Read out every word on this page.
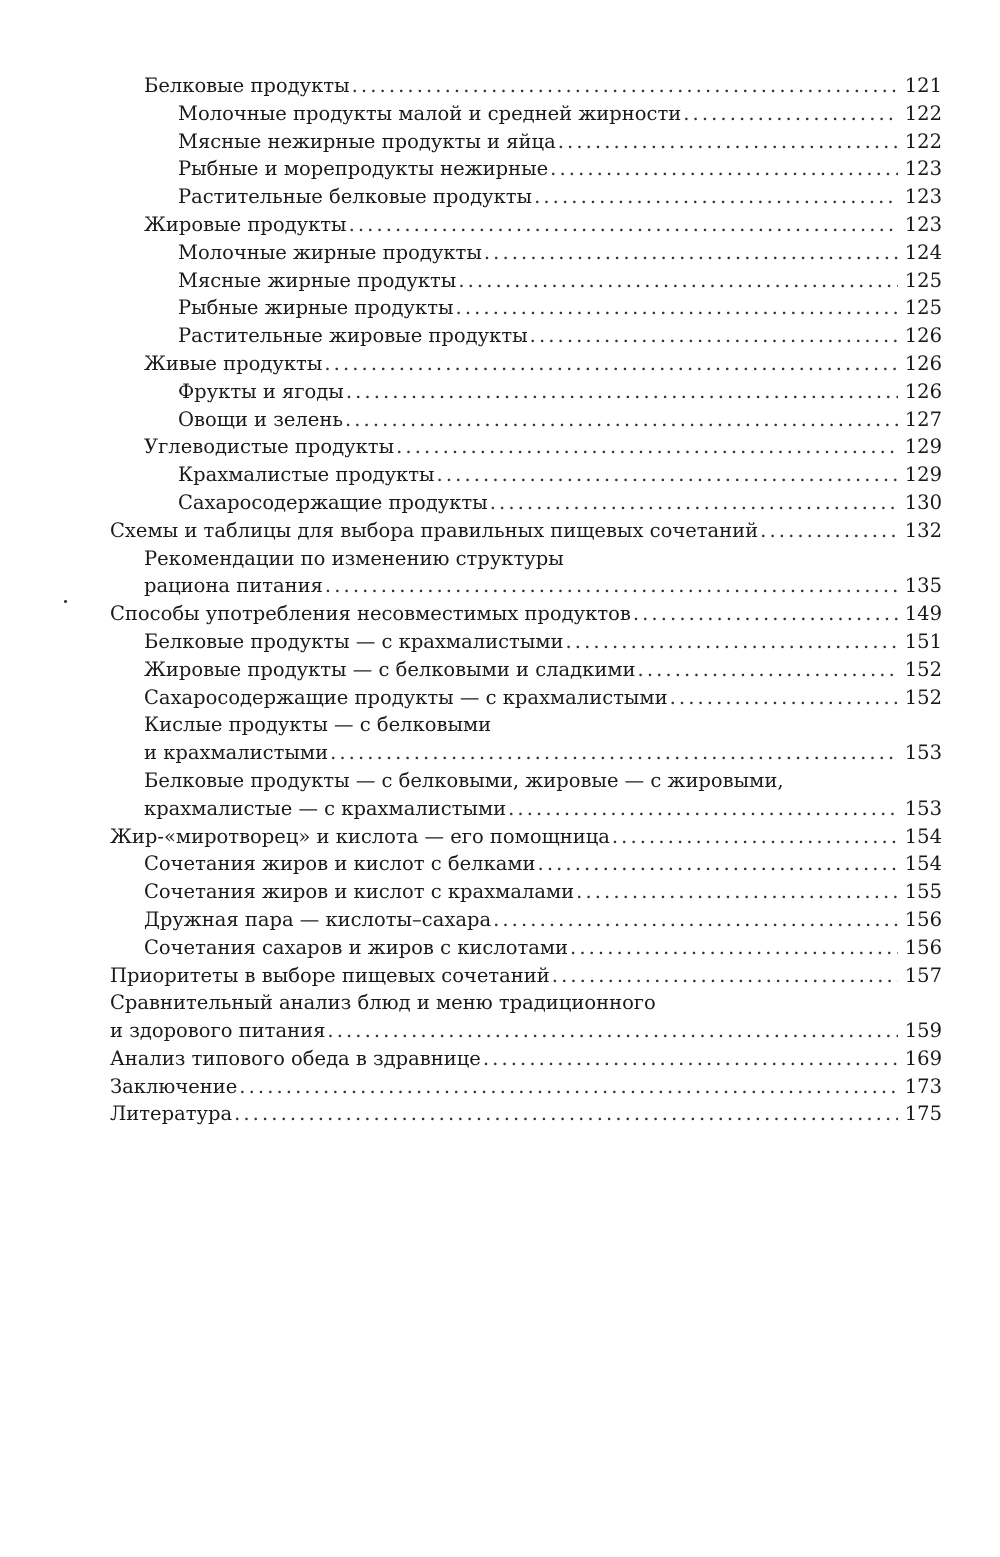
Белковые продукты .....	121
Молочные продукты малой и средней жирности .....	122
Мясные нежирные продукты и яйца .....	122
Рыбные и морепродукты нежирные .....	123
Растительные белковые продукты .....	123
Жировые продукты .....	123
Молочные жирные продукты .....	124
Мясные жирные продукты .....	125
Рыбные жирные продукты .....	125
Растительные жировые продукты .....	126
Живые продукты .....	126
Фрукты и ягоды .....	126
Овощи и зелень .....	127
Углеводистые продукты .....	129
Крахмалистые продукты .....	129
Сахаросодержащие продукты .....	130
Схемы и таблицы для выбора правильных пищевых сочетаний .....	132
Рекомендации по изменению структуры
рациона питания .....	135
Способы употребления несовместимых продуктов .....	149
Белковые продукты — с крахмалистыми .....	151
Жировые продукты — с белковыми и сладкими .....	152
Сахаросодержащие продукты — с крахмалистыми .....	152
Кислые продукты — с белковыми
и крахмалистыми .....	153
Белковые продукты — с белковыми, жировые — с жировыми,
крахмалистые — с крахмалистыми .....	153
Жир-«миротворец» и кислота — его помощница .....	154
Сочетания жиров и кислот с белками .....	154
Сочетания жиров и кислот с крахмалами .....	155
Дружная пара — кислоты–сахара .....	156
Сочетания сахаров и жиров с кислотами .....	156
Приоритеты в выборе пищевых сочетаний .....	157
Сравнительный анализ блюд и меню традиционного
и здорового питания .....	159
Анализ типового обеда в здравнице .....	169
Заключение .....	173
Литература .....	175
